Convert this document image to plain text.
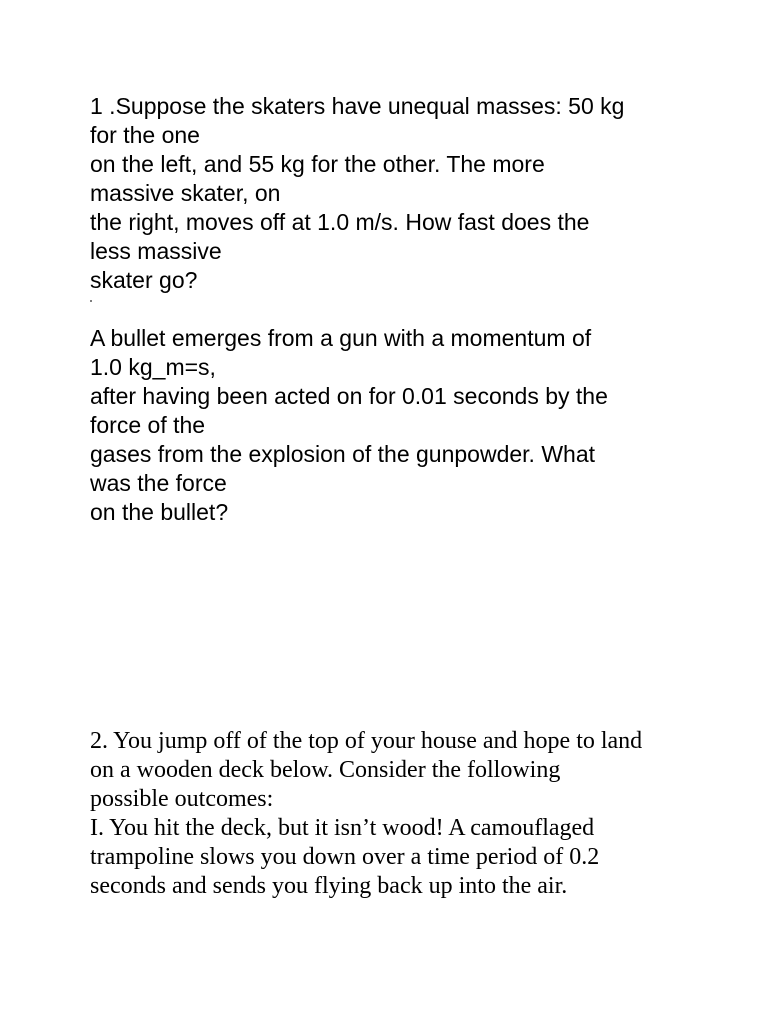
1 .Suppose the skaters have unequal masses: 50 kg

for the one

on the left, and 55 kg for the other. The more

massive skater, on

the right, moves off at 1.0 m/s. How fast does the

less massive

skater go?

A bullet emerges from a gun with a momentum of

1.0 kg_m=s,

after having been acted on for 0.01 seconds by the

force of the

gases from the explosion of the gunpowder. What

was the force

on the bullet?

2. You jump off of the top of your house and hope to land

on a wooden deck below. Consider the following

possible outcomes:

I. You hit the deck, but it isn’t wood! A camouflaged

trampoline slows you down over a time period of 0.2

seconds and sends you flying back up into the air.
